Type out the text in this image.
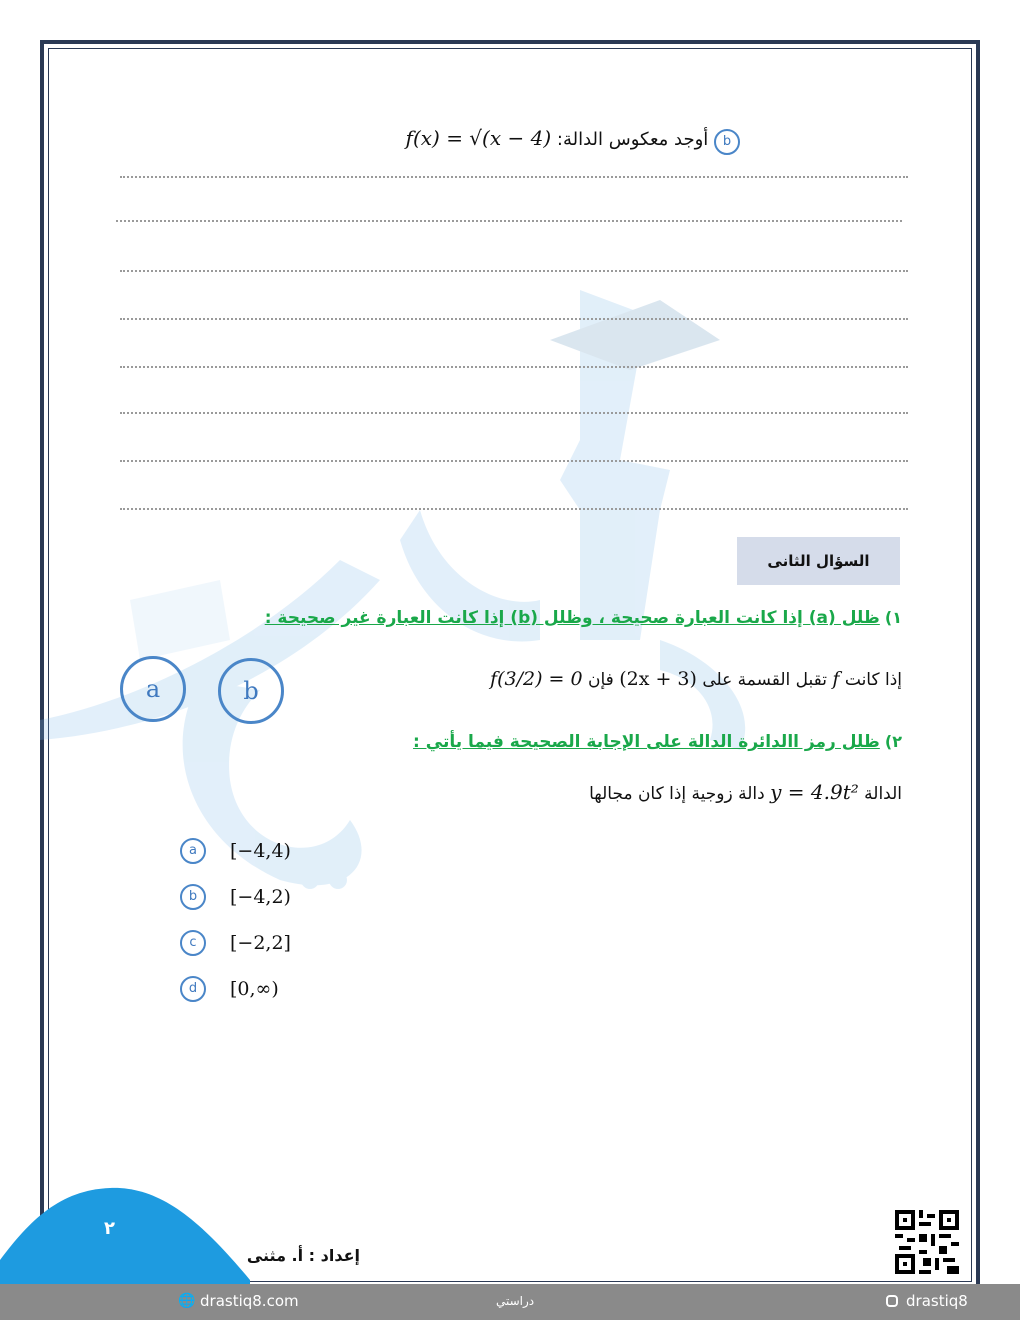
b أوجد معكوس الدالة: f(x) = √(x − 4)
السؤال الثانى
١) ظلل (a) إذا كانت العبارة صحيحة ، وظلل (b) إذا كانت العبارة غير صحيحة :
إذا كانت f تقبل القسمة على (2x + 3) فإن f(3/2) = 0
a	b
٢) ظلل رمز االدائرة الدالة على الإجابة الصحيحة فيما يأتي :
الدالة y = 4.9t² دالة زوجية إذا كان مجالها
a	[−4,4)
b	[−4,2)
c	[−2,2]
d	[0,∞)
٢
إعداد : أ. مثنى
🌐 drastiq8.com	دراستي	drastiq8
